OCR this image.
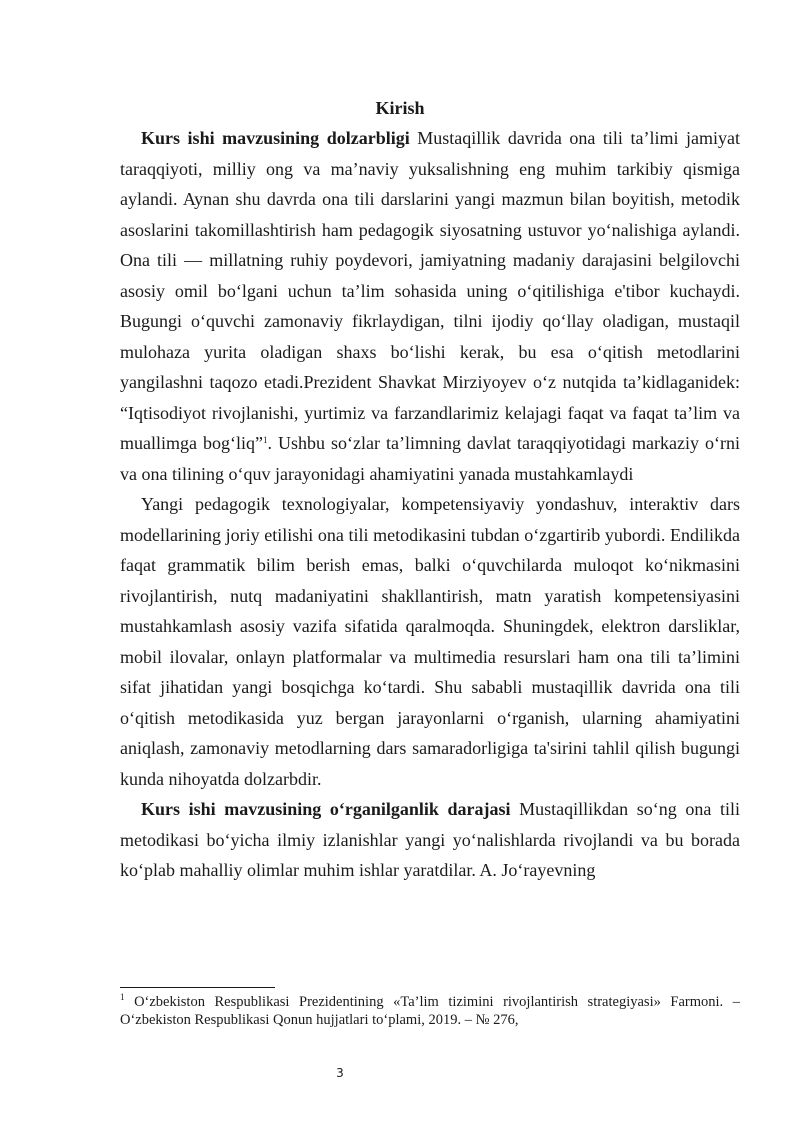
Kirish

Kurs ishi mavzusining dolzarbligi Mustaqillik davrida ona tili ta’limi jamiyat taraqqiyoti, milliy ong va ma’naviy yuksalishning eng muhim tarkibiy qismiga aylandi. Aynan shu davrda ona tili darslarini yangi mazmun bilan boyitish, metodik asoslarini takomillashtirish ham pedagogik siyosatning ustuvor yo‘nalishiga aylandi. Ona tili — millatning ruhiy poydevori, jamiyatning madaniy darajasini belgilovchi asosiy omil bo‘lgani uchun ta’lim sohasida uning o‘qitilishiga e'tibor kuchaydi. Bugungi o‘quvchi zamonaviy fikrlaydigan, tilni ijodiy qo‘llay oladigan, mustaqil mulohaza yurita oladigan shaxs bo‘lishi kerak, bu esa o‘qitish metodlarini yangilashni taqozo etadi.Prezident Shavkat Mirziyoyev o‘z nutqida ta’kidlaganidek: “Iqtisodiyot rivojlanishi, yurtimiz va farzandlarimiz kelajagi faqat va faqat ta’lim va muallimga bog‘liq”$^1$. Ushbu so‘zlar ta’limning davlat taraqqiyotidagi markaziy o‘rni va ona tilining o‘quv jarayonidagi ahamiyatini yanada mustahkamlaydi

Yangi pedagogik texnologiyalar, kompetensiyaviy yondashuv, interaktiv dars modellarining joriy etilishi ona tili metodikasini tubdan o‘zgartirib yubordi. Endilikda faqat grammatik bilim berish emas, balki o‘quvchilarda muloqot ko‘nikmasini rivojlantirish, nutq madaniyatini shakllantirish, matn yaratish kompetensiyasini mustahkamlash asosiy vazifa sifatida qaralmoqda. Shuningdek, elektron darsliklar, mobil ilovalar, onlayn platformalar va multimedia resurslari ham ona tili ta’limini sifat jihatidan yangi bosqichga ko‘tardi. Shu sababli mustaqillik davrida ona tili o‘qitish metodikasida yuz bergan jarayonlarni o‘rganish, ularning ahamiyatini aniqlash, zamonaviy metodlarning dars samaradorligiga ta'sirini tahlil qilish bugungi kunda nihoyatda dolzarbdir.

Kurs ishi mavzusining o‘rganilganlik darajasi Mustaqillikdan so‘ng ona tili metodikasi bo‘yicha ilmiy izlanishlar yangi yo‘nalishlarda rivojlandi va bu borada ko‘plab mahalliy olimlar muhim ishlar yaratdilar. A. Jo‘rayevning

$^1$ O‘zbekiston Respublikasi Prezidentining «Ta’lim tizimini rivojlantirish strategiyasi» Farmoni. – O‘zbekiston Respublikasi Qonun hujjatlari to‘plami, 2019. – № 276,

3
